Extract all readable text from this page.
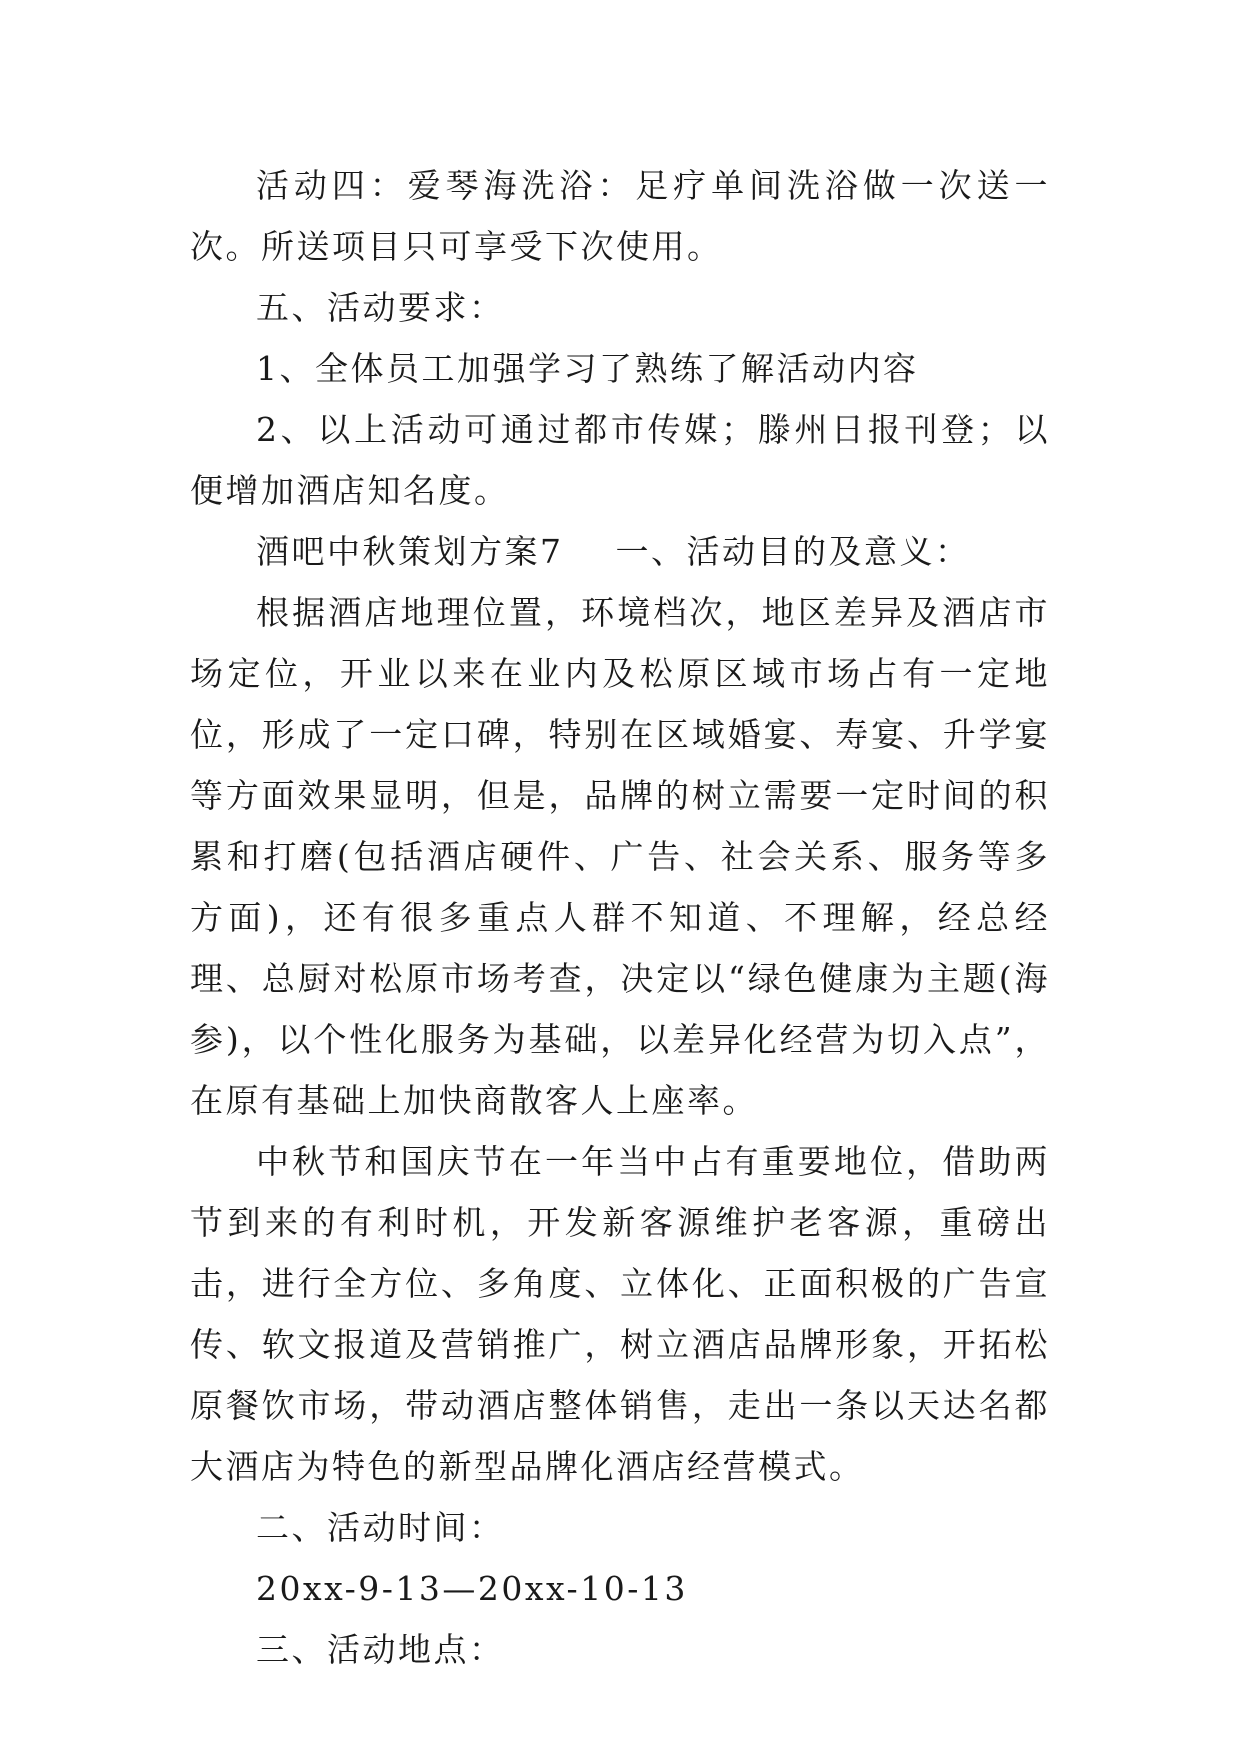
活动四：爱琴海洗浴：足疗单间洗浴做一次送一次。所送项目只可享受下次使用。

五、活动要求：

1、全体员工加强学习了熟练了解活动内容

2、以上活动可通过都市传媒；滕州日报刊登；以便增加酒店知名度。

酒吧中秋策划方案7 一、活动目的及意义：

根据酒店地理位置，环境档次，地区差异及酒店市场定位，开业以来在业内及松原区域市场占有一定地位，形成了一定口碑，特别在区域婚宴、寿宴、升学宴等方面效果显明，但是，品牌的树立需要一定时间的积累和打磨(包括酒店硬件、广告、社会关系、服务等多方面)，还有很多重点人群不知道、不理解，经总经理、总厨对松原市场考查，决定以“绿色健康为主题(海参)，以个性化服务为基础，以差异化经营为切入点”，在原有基础上加快商散客人上座率。

中秋节和国庆节在一年当中占有重要地位，借助两节到来的有利时机，开发新客源维护老客源，重磅出击，进行全方位、多角度、立体化、正面积极的广告宣传、软文报道及营销推广，树立酒店品牌形象，开拓松原餐饮市场，带动酒店整体销售，走出一条以天达名都大酒店为特色的新型品牌化酒店经营模式。

二、活动时间：

20xx-9-13—20xx-10-13

三、活动地点：
